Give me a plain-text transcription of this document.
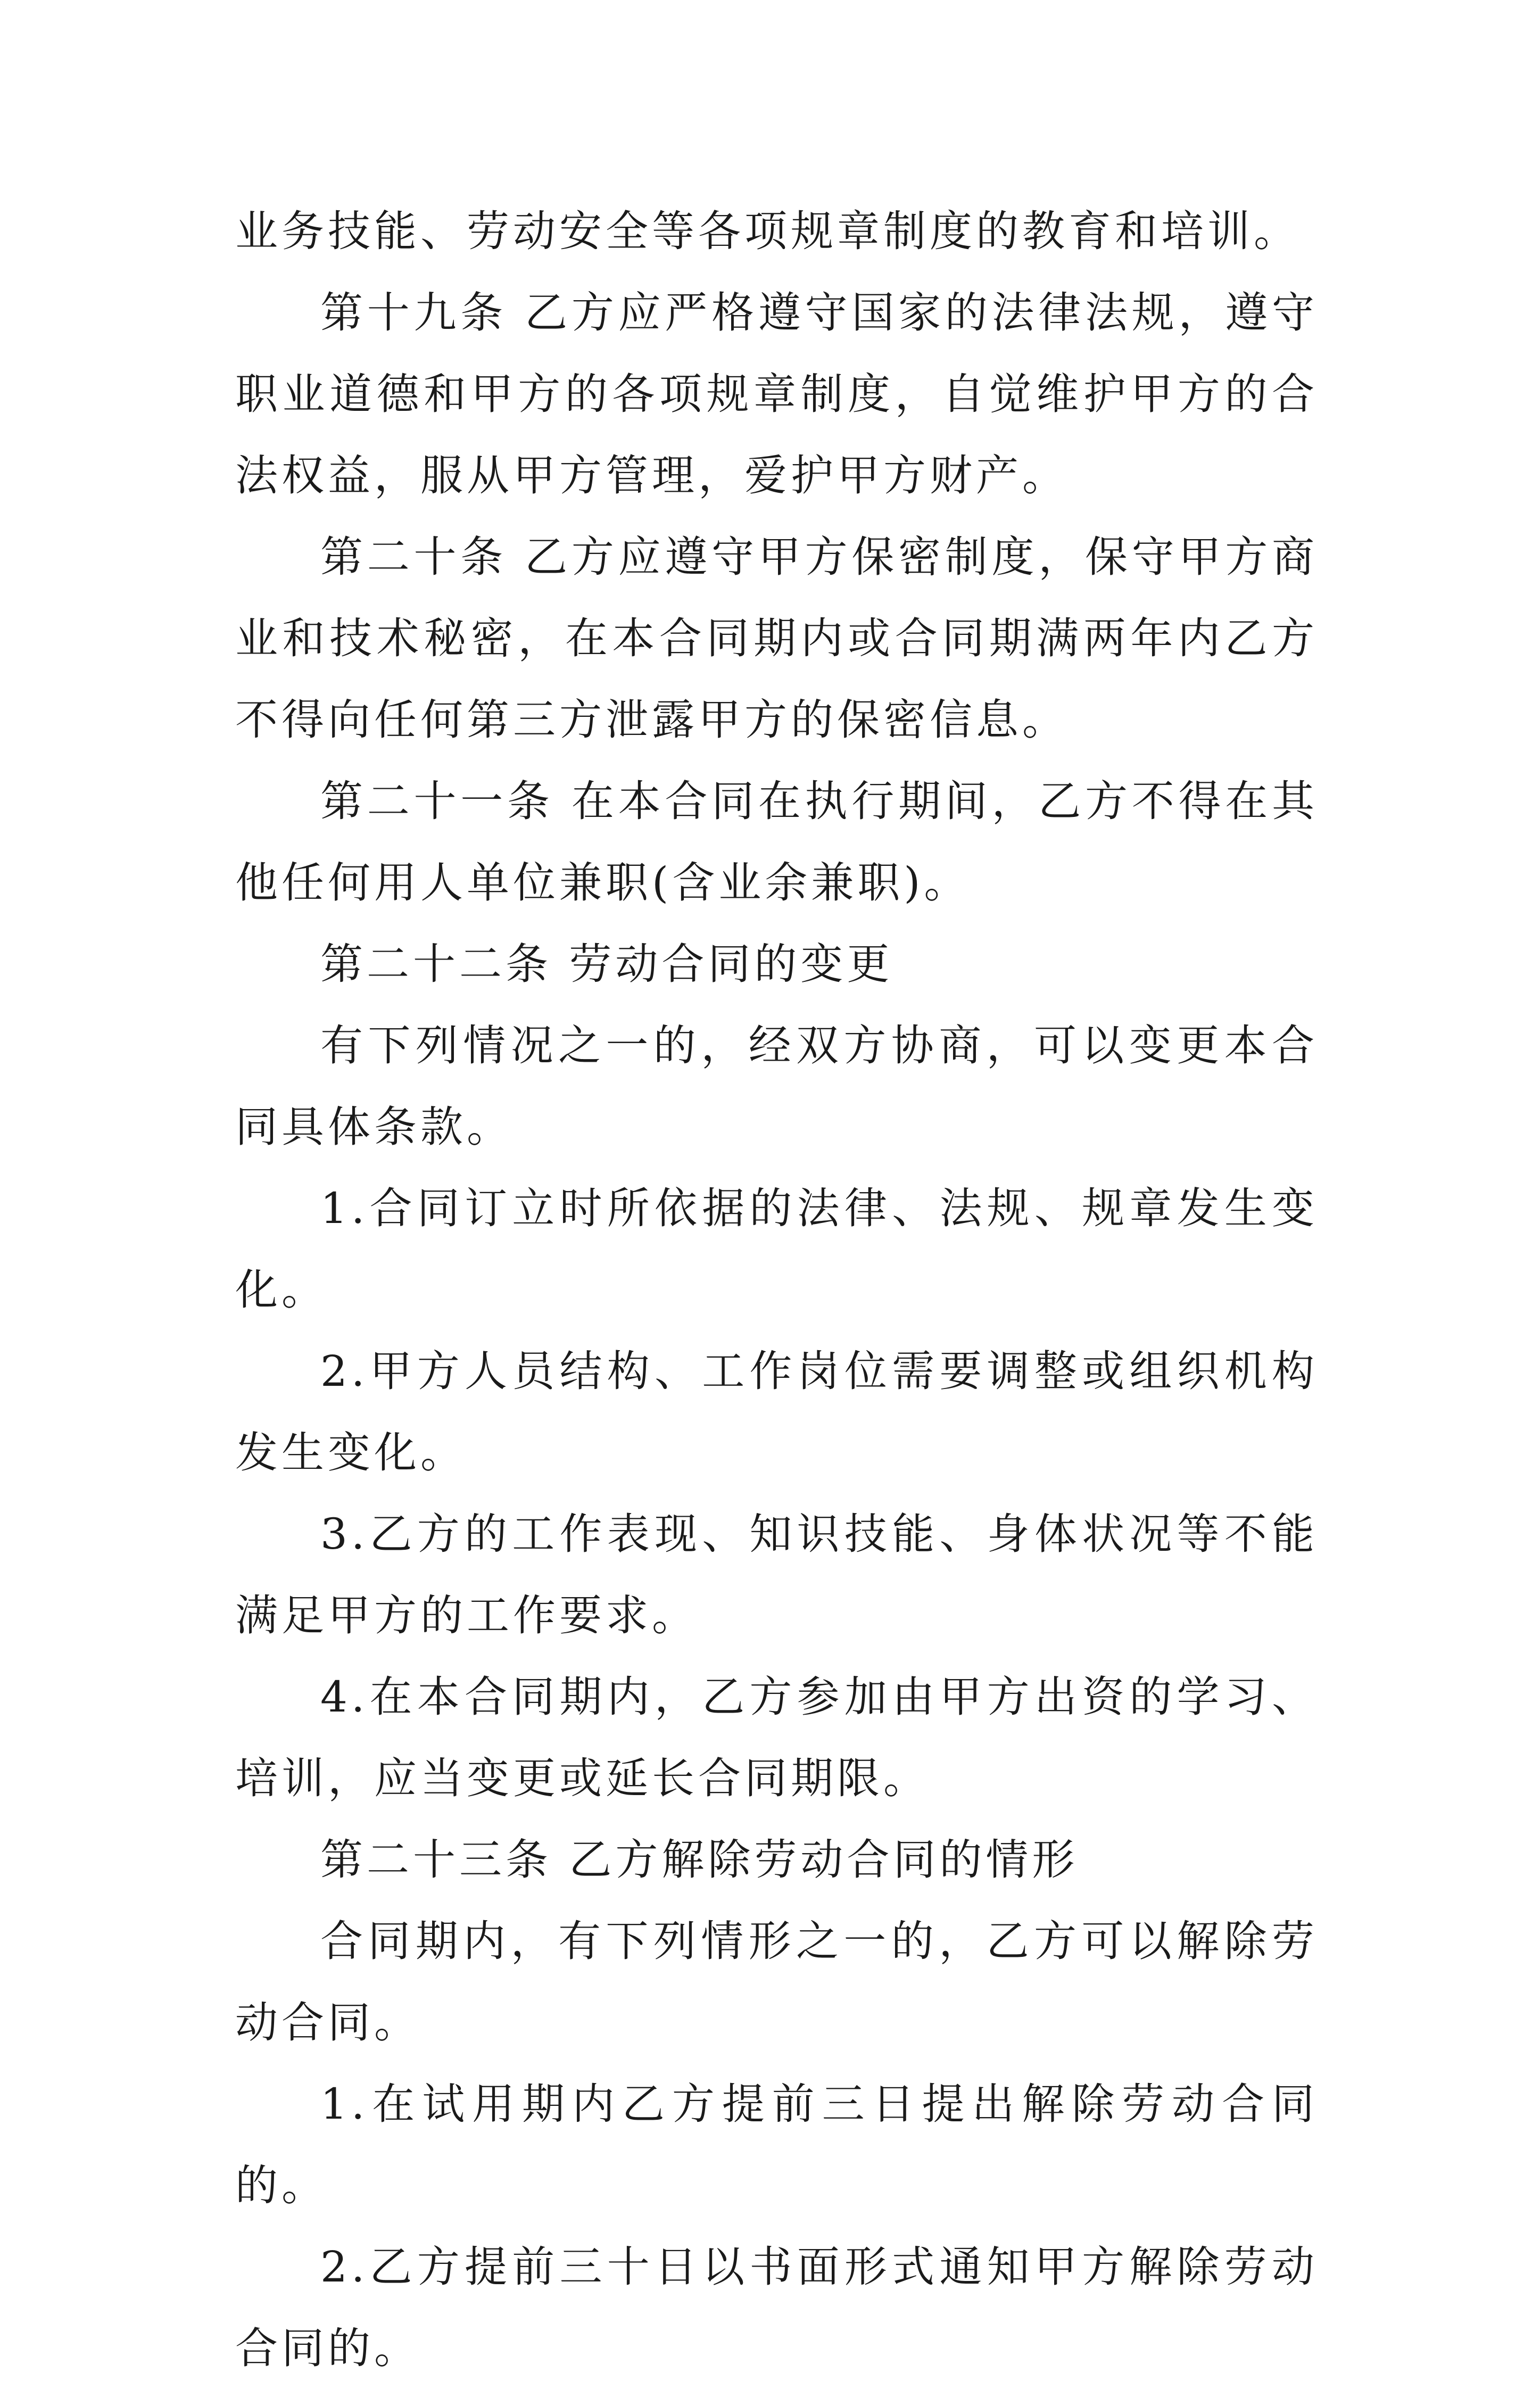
业务技能、劳动安全等各项规章制度的教育和培训。

第十九条 乙方应严格遵守国家的法律法规，遵守职业道德和甲方的各项规章制度，自觉维护甲方的合法权益，服从甲方管理，爱护甲方财产。

第二十条 乙方应遵守甲方保密制度，保守甲方商业和技术秘密，在本合同期内或合同期满两年内乙方不得向任何第三方泄露甲方的保密信息。

第二十一条 在本合同在执行期间，乙方不得在其他任何用人单位兼职(含业余兼职)。

第二十二条 劳动合同的变更

有下列情况之一的，经双方协商，可以变更本合同具体条款。

1.合同订立时所依据的法律、法规、规章发生变化。

2.甲方人员结构、工作岗位需要调整或组织机构发生变化。

3.乙方的工作表现、知识技能、身体状况等不能满足甲方的工作要求。

4.在本合同期内，乙方参加由甲方出资的学习、培训，应当变更或延长合同期限。

第二十三条 乙方解除劳动合同的情形

合同期内，有下列情形之一的，乙方可以解除劳动合同。

1.在试用期内乙方提前三日提出解除劳动合同的。

2.乙方提前三十日以书面形式通知甲方解除劳动合同的。
